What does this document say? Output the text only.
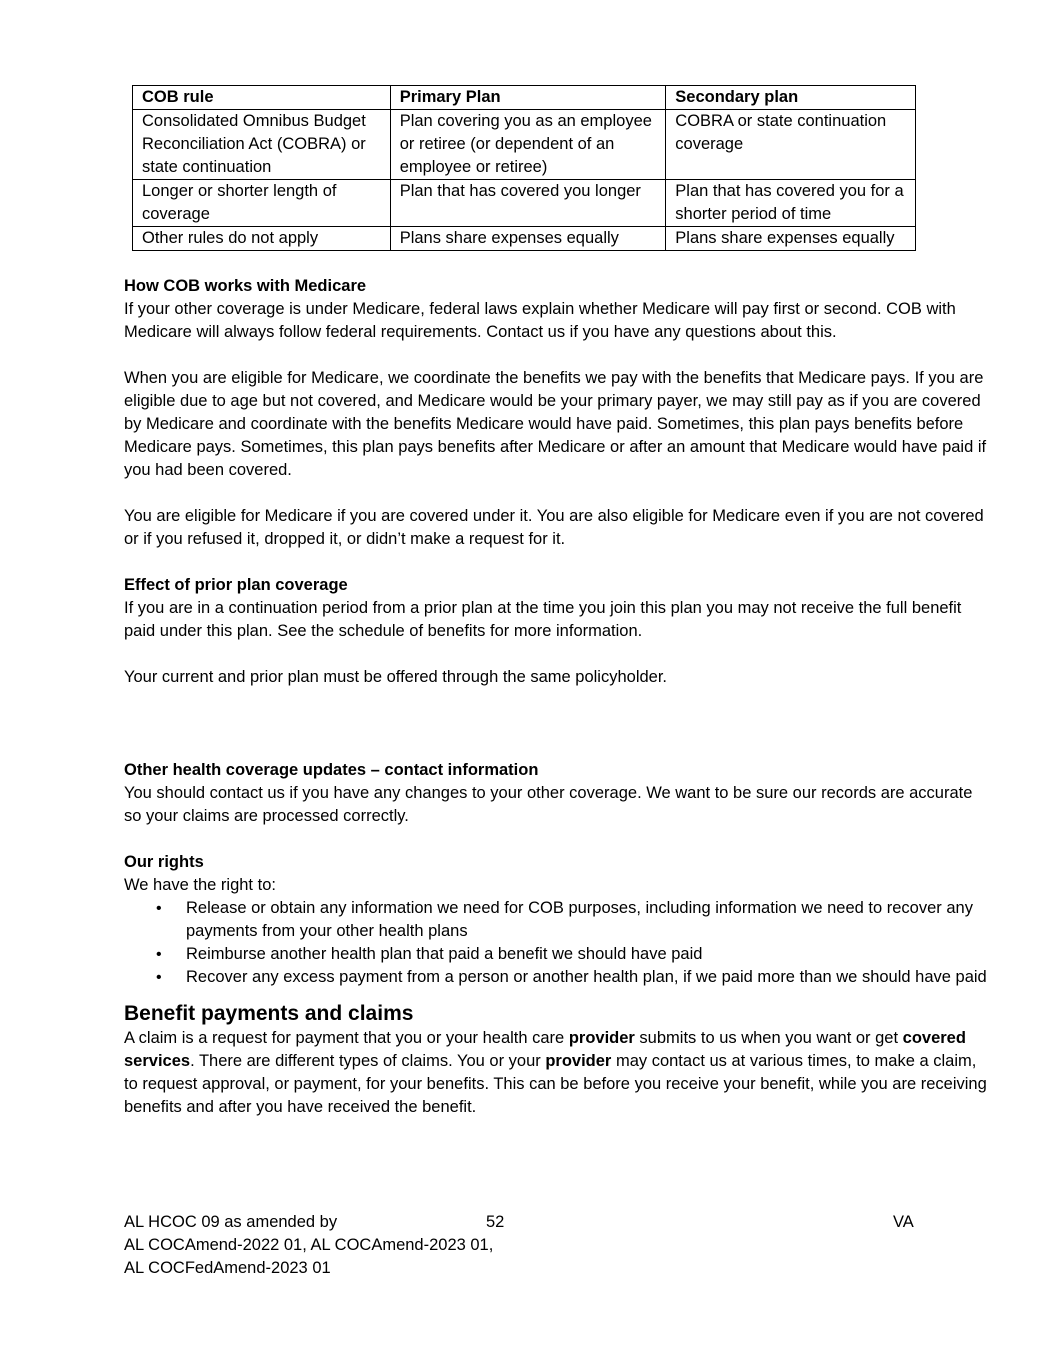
COB rule	Primary Plan	Secondary plan
Consolidated Omnibus Budget Reconciliation Act (COBRA) or state continuation	Plan covering you as an employee or retiree (or dependent of an employee or retiree)	COBRA or state continuation coverage
Longer or shorter length of coverage	Plan that has covered you longer	Plan that has covered you for a shorter period of time
Other rules do not apply	Plans share expenses equally	Plans share expenses equally
How COB works with Medicare

If your other coverage is under Medicare, federal laws explain whether Medicare will pay first or second. COB with Medicare will always follow federal requirements. Contact us if you have any questions about this.

When you are eligible for Medicare, we coordinate the benefits we pay with the benefits that Medicare pays. If you are eligible due to age but not covered, and Medicare would be your primary payer, we may still pay as if you are covered by Medicare and coordinate with the benefits Medicare would have paid. Sometimes, this plan pays benefits before Medicare pays. Sometimes, this plan pays benefits after Medicare or after an amount that Medicare would have paid if you had been covered.

You are eligible for Medicare if you are covered under it. You are also eligible for Medicare even if you are not covered or if you refused it, dropped it, or didn’t make a request for it.

Effect of prior plan coverage

If you are in a continuation period from a prior plan at the time you join this plan you may not receive the full benefit paid under this plan. See the schedule of benefits for more information.

Your current and prior plan must be offered through the same policyholder.

Other health coverage updates – contact information

You should contact us if you have any changes to your other coverage. We want to be sure our records are accurate so your claims are processed correctly.

Our rights

We have the right to:

• Release or obtain any information we need for COB purposes, including information we need to recover any payments from your other health plans
• Reimburse another health plan that paid a benefit we should have paid
• Recover any excess payment from a person or another health plan, if we paid more than we should have paid
Benefit payments and claims

A claim is a request for payment that you or your health care provider submits to us when you want or get covered services. There are different types of claims. You or your provider may contact us at various times, to make a claim, to request approval, or payment, for your benefits. This can be before you receive your benefit, while you are receiving benefits and after you have received the benefit.

AL HCOC 09 as amended by	52	VA
AL COCAmend-2022 01, AL COCAmend-2023 01,
AL COCFedAmend-2023 01
